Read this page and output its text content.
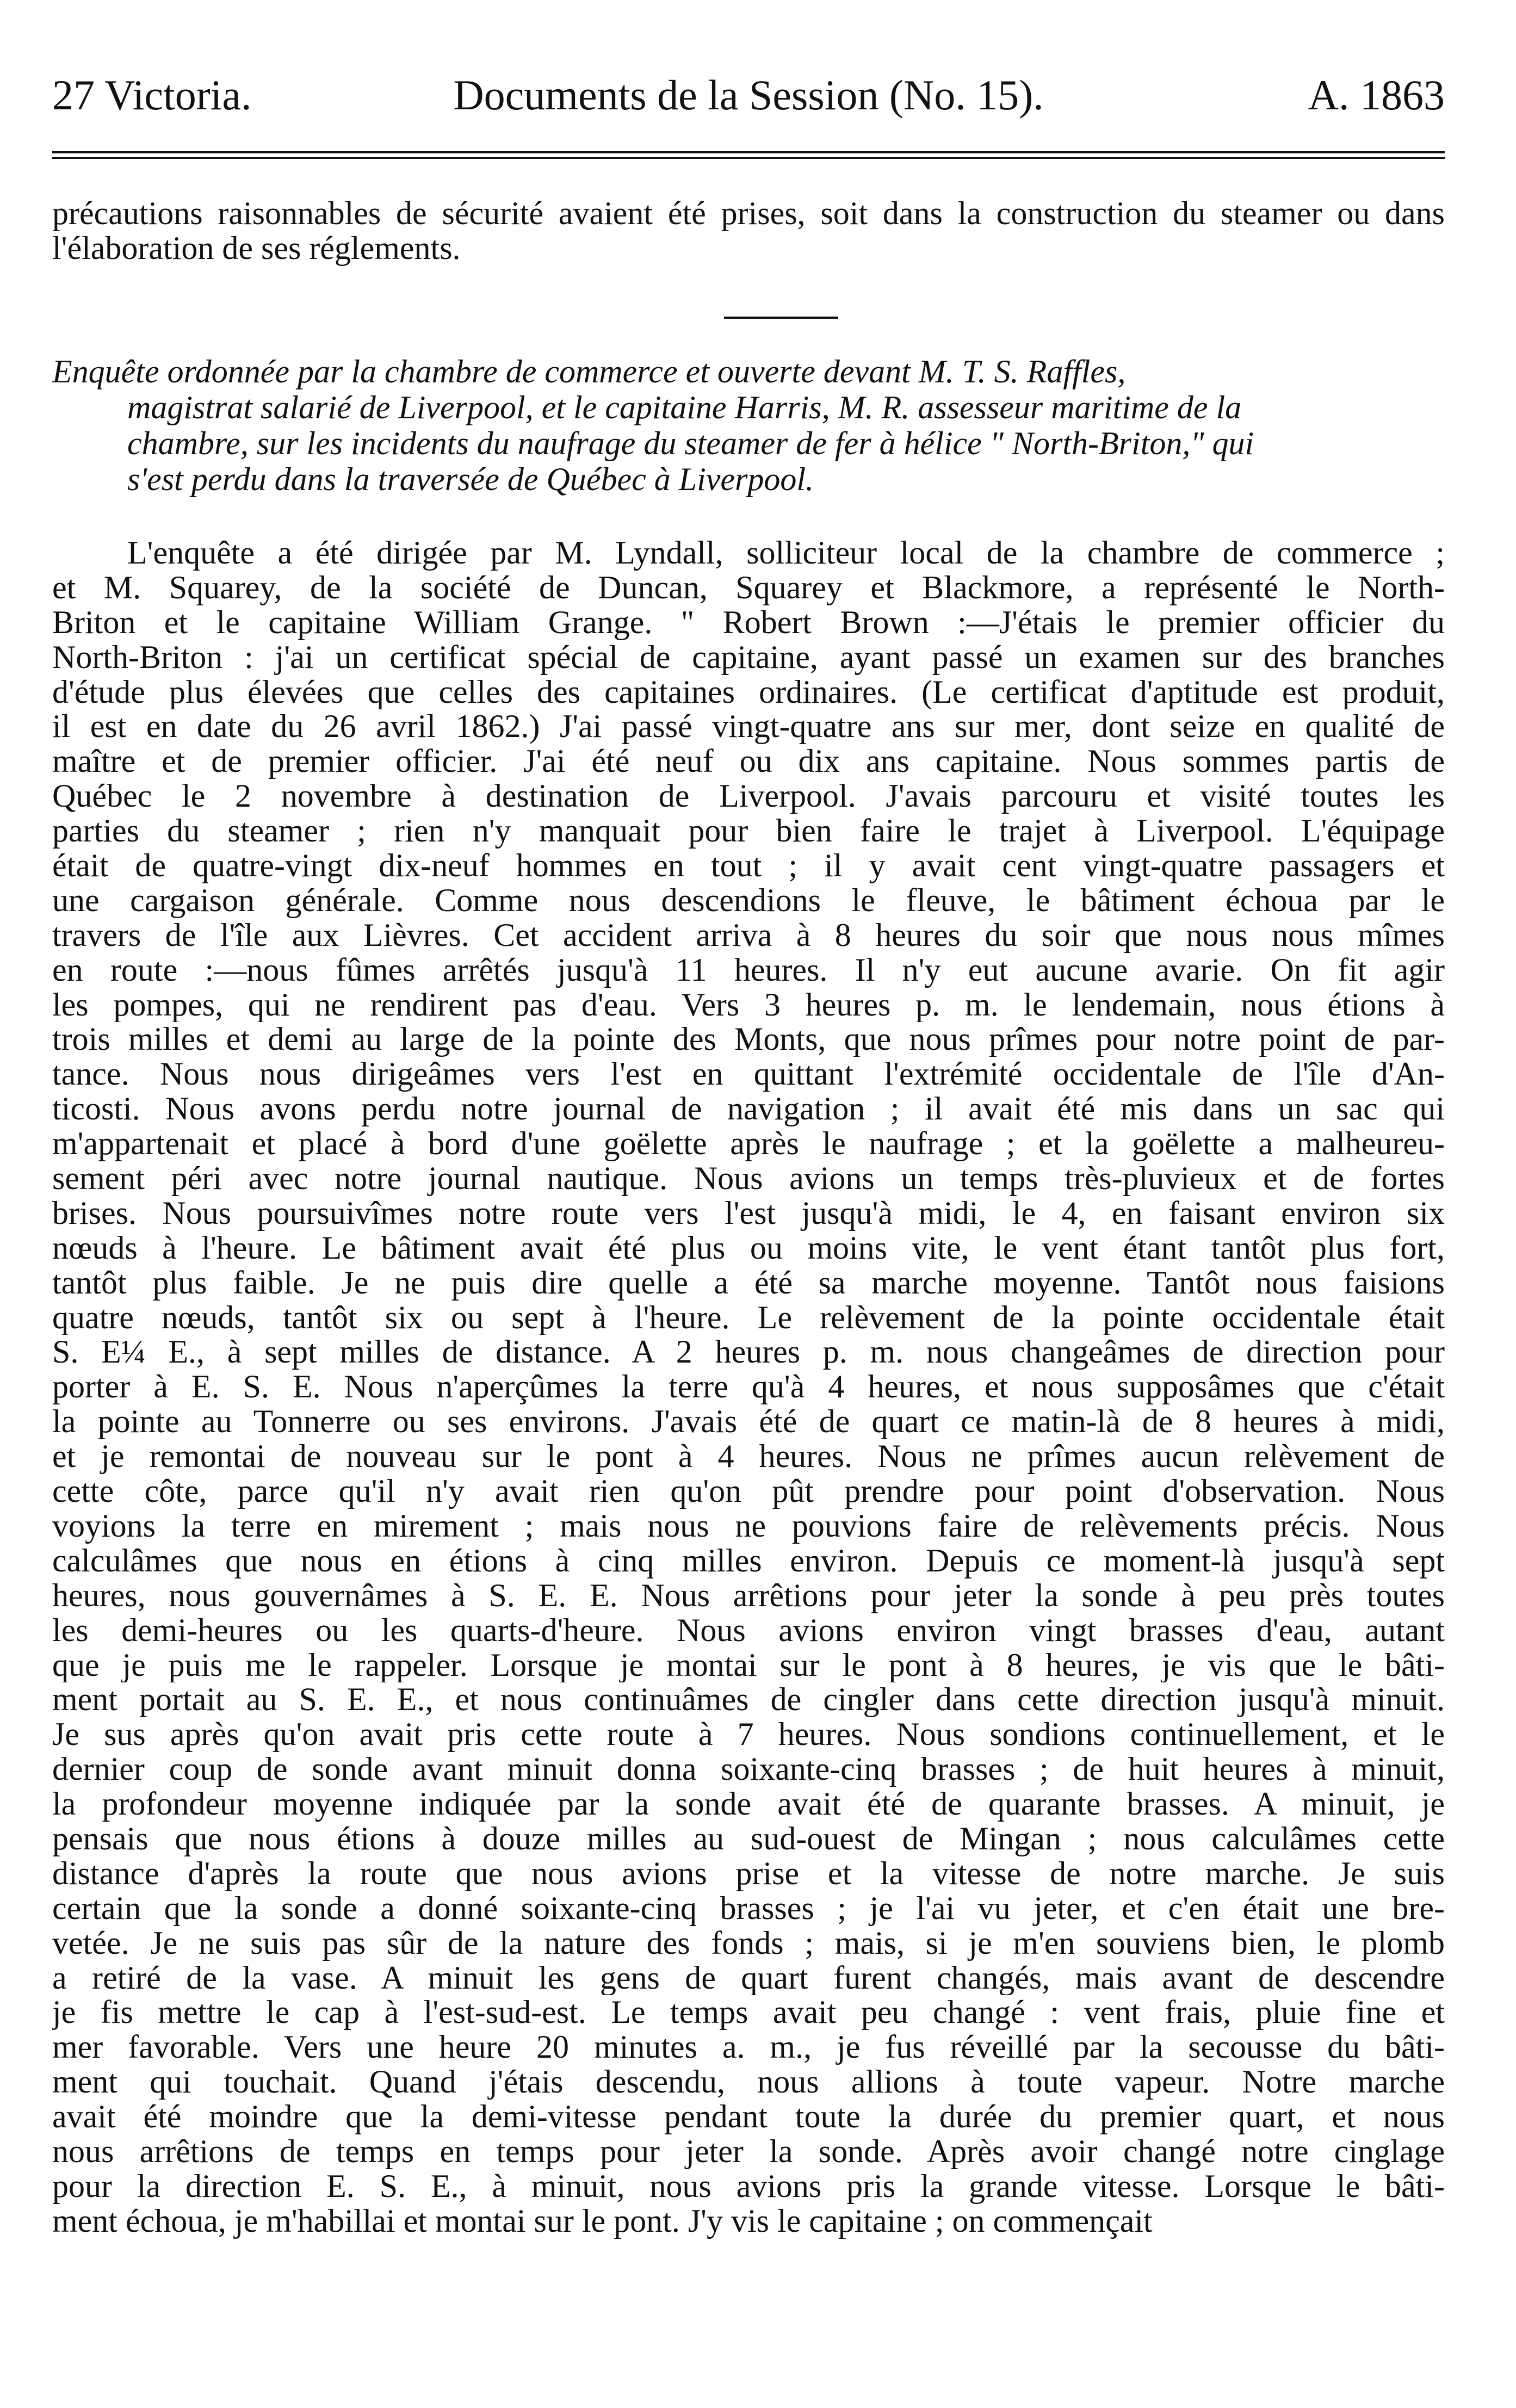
27 Victoria.	Documents de la Session (No. 15).	A. 1863
précautions raisonnables de sécurité avaient été prises, soit dans la construction du steamer ou dans l'élaboration de ses réglements.
Enquête ordonnée par la chambre de commerce et ouverte devant M. T. S. Raffles,
magistrat salarié de Liverpool, et le capitaine Harris, M. R. assesseur maritime de la
chambre, sur les incidents du naufrage du steamer de fer à hélice " North-Briton," qui
s'est perdu dans la traversée de Québec à Liverpool.
L'enquête a été dirigée par M. Lyndall, solliciteur local de la chambre de commerce ;
et M. Squarey, de la société de Duncan, Squarey et Blackmore, a représenté le North-
Briton et le capitaine William Grange. " Robert Brown :—J'étais le premier officier du
North-Briton : j'ai un certificat spécial de capitaine, ayant passé un examen sur des branches
d'étude plus élevées que celles des capitaines ordinaires. (Le certificat d'aptitude est produit,
il est en date du 26 avril 1862.) J'ai passé vingt-quatre ans sur mer, dont seize en qualité de
maître et de premier officier. J'ai été neuf ou dix ans capitaine. Nous sommes partis de
Québec le 2 novembre à destination de Liverpool. J'avais parcouru et visité toutes les
parties du steamer ; rien n'y manquait pour bien faire le trajet à Liverpool. L'équipage
était de quatre-vingt dix-neuf hommes en tout ; il y avait cent vingt-quatre passagers et
une cargaison générale. Comme nous descendions le fleuve, le bâtiment échoua par le
travers de l'île aux Lièvres. Cet accident arriva à 8 heures du soir que nous nous mîmes
en route :—nous fûmes arrêtés jusqu'à 11 heures. Il n'y eut aucune avarie. On fit agir
les pompes, qui ne rendirent pas d'eau. Vers 3 heures p. m. le lendemain, nous étions à
trois milles et demi au large de la pointe des Monts, que nous prîmes pour notre point de par-
tance. Nous nous dirigeâmes vers l'est en quittant l'extrémité occidentale de l'île d'An-
ticosti. Nous avons perdu notre journal de navigation ; il avait été mis dans un sac qui
m'appartenait et placé à bord d'une goëlette après le naufrage ; et la goëlette a malheureu-
sement péri avec notre journal nautique. Nous avions un temps très-pluvieux et de fortes
brises. Nous poursuivîmes notre route vers l'est jusqu'à midi, le 4, en faisant environ six
nœuds à l'heure. Le bâtiment avait été plus ou moins vite, le vent étant tantôt plus fort,
tantôt plus faible. Je ne puis dire quelle a été sa marche moyenne. Tantôt nous faisions
quatre nœuds, tantôt six ou sept à l'heure. Le relèvement de la pointe occidentale était
S. E¼ E., à sept milles de distance. A 2 heures p. m. nous changeâmes de direction pour
porter à E. S. E. Nous n'aperçûmes la terre qu'à 4 heures, et nous supposâmes que c'était
la pointe au Tonnerre ou ses environs. J'avais été de quart ce matin-là de 8 heures à midi,
et je remontai de nouveau sur le pont à 4 heures. Nous ne prîmes aucun relèvement de
cette côte, parce qu'il n'y avait rien qu'on pût prendre pour point d'observation. Nous
voyions la terre en mirement ; mais nous ne pouvions faire de relèvements précis. Nous
calculâmes que nous en étions à cinq milles environ. Depuis ce moment-là jusqu'à sept
heures, nous gouvernâmes à S. E. E. Nous arrêtions pour jeter la sonde à peu près toutes
les demi-heures ou les quarts-d'heure. Nous avions environ vingt brasses d'eau, autant
que je puis me le rappeler. Lorsque je montai sur le pont à 8 heures, je vis que le bâti-
ment portait au S. E. E., et nous continuâmes de cingler dans cette direction jusqu'à minuit.
Je sus après qu'on avait pris cette route à 7 heures. Nous sondions continuellement, et le
dernier coup de sonde avant minuit donna soixante-cinq brasses ; de huit heures à minuit,
la profondeur moyenne indiquée par la sonde avait été de quarante brasses. A minuit, je
pensais que nous étions à douze milles au sud-ouest de Mingan ; nous calculâmes cette
distance d'après la route que nous avions prise et la vitesse de notre marche. Je suis
certain que la sonde a donné soixante-cinq brasses ; je l'ai vu jeter, et c'en était une bre-
vetée. Je ne suis pas sûr de la nature des fonds ; mais, si je m'en souviens bien, le plomb
a retiré de la vase. A minuit les gens de quart furent changés, mais avant de descendre
je fis mettre le cap à l'est-sud-est. Le temps avait peu changé : vent frais, pluie fine et
mer favorable. Vers une heure 20 minutes a. m., je fus réveillé par la secousse du bâti-
ment qui touchait. Quand j'étais descendu, nous allions à toute vapeur. Notre marche
avait été moindre que la demi-vitesse pendant toute la durée du premier quart, et nous
nous arrêtions de temps en temps pour jeter la sonde. Après avoir changé notre cinglage
pour la direction E. S. E., à minuit, nous avions pris la grande vitesse. Lorsque le bâti-
ment échoua, je m'habillai et montai sur le pont. J'y vis le capitaine ; on commençait
